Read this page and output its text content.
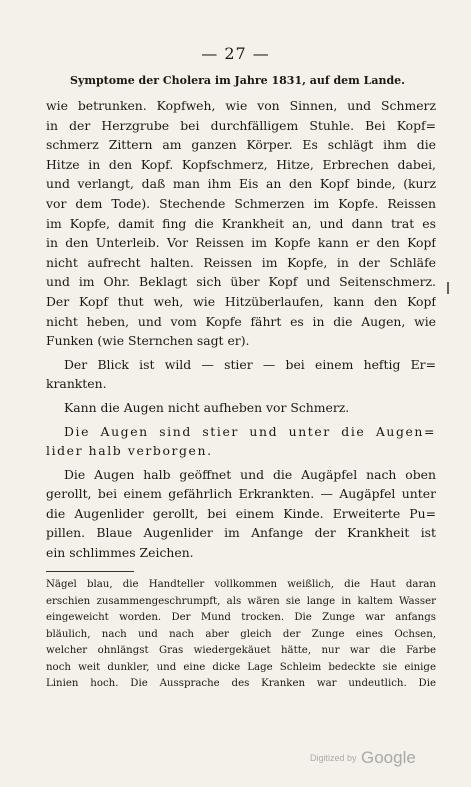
— 27 —
Symptome der Cholera im Jahre 1831, auf dem Lande.
wie betrunken. Kopfweh, wie von Sinnen, und Schmerz
in der Herzgrube bei durchfälligem Stuhle. Bei Kopf=
schmerz Zittern am ganzen Körper. Es schlägt ihm die
Hitze in den Kopf. Kopfschmerz, Hitze, Erbrechen dabei,
und verlangt, daß man ihm Eis an den Kopf binde, (kurz
vor dem Tode). Stechende Schmerzen im Kopfe. Reissen
im Kopfe, damit fing die Krankheit an, und dann trat es
in den Unterleib. Vor Reissen im Kopfe kann er den Kopf
nicht aufrecht halten. Reissen im Kopfe, in der Schläfe
und im Ohr. Beklagt sich über Kopf und Seitenschmerz.
Der Kopf thut weh, wie Hitzüberlaufen, kann den Kopf
nicht heben, und vom Kopfe fährt es in die Augen, wie
Funken (wie Sternchen sagt er).
Der Blick ist wild — stier — bei einem heftig Er=
krankten.
Kann die Augen nicht aufheben vor Schmerz.
Die Augen sind stier und unter die Augen=
lider halb verborgen.
Die Augen halb geöffnet und die Augäpfel nach oben
gerollt, bei einem gefährlich Erkrankten. — Augäpfel unter
die Augenlider gerollt, bei einem Kinde. Erweiterte Pu=
pillen. Blaue Augenlider im Anfange der Krankheit ist
ein schlimmes Zeichen.
Nägel blau, die Handteller vollkommen weißlich, die Haut daran
erschien zusammengeschrumpft, als wären sie lange in kaltem Wasser
eingeweicht worden. Der Mund trocken. Die Zunge war anfangs
bläulich, nach und nach aber gleich der Zunge eines Ochsen,
welcher ohnlängst Gras wiedergekäuet hätte, nur war die Farbe
noch weit dunkler, und eine dicke Lage Schleim bedeckte sie einige
Linien hoch. Die Aussprache des Kranken war undeutlich. Die
Digitized by Google
